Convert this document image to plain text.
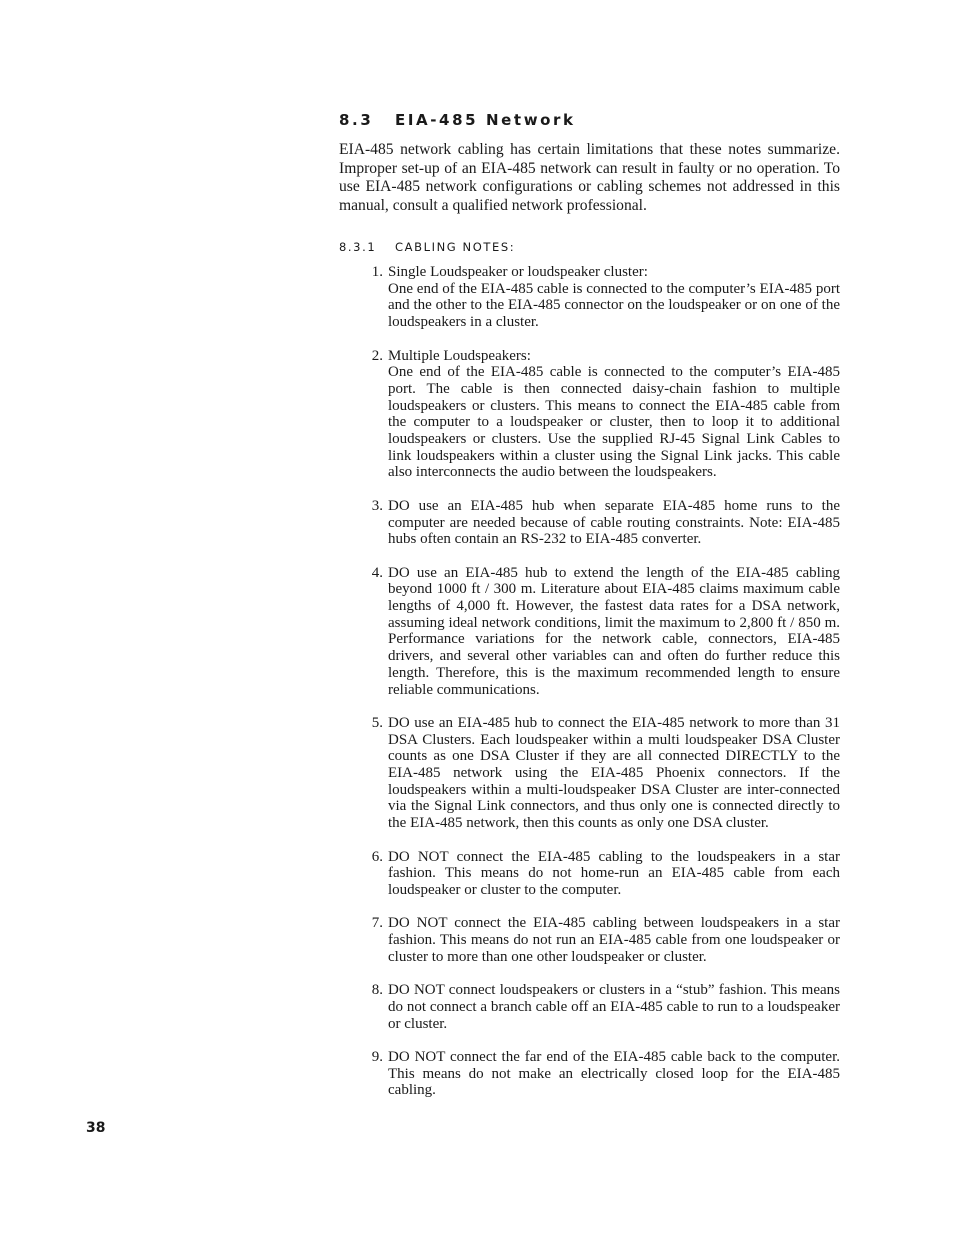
8.3 EIA-485 Network

EIA-485 network cabling has certain limitations that these notes summarize. Improper set-up of an EIA-485 network can result in faulty or no operation. To use EIA-485 network configurations or cabling schemes not addressed in this manual, consult a qualified network professional.

8.3.1 CABLING NOTES:
1. Single Loudspeaker or loudspeaker cluster:
One end of the EIA-485 cable is connected to the computer’s EIA-485 port and the other to the EIA-485 connector on the loudspeaker or on one of the loudspeakers in a cluster.
2. Multiple Loudspeakers:
One end of the EIA-485 cable is connected to the computer’s EIA-485 port. The cable is then connected daisy-chain fashion to multiple loudspeakers or clusters. This means to connect the EIA-485 cable from the computer to a loudspeaker or cluster, then to loop it to additional loudspeakers or clusters. Use the supplied RJ-45 Signal Link Cables to link loudspeakers within a cluster using the Signal Link jacks. This cable also interconnects the audio between the loudspeakers.
3. DO use an EIA-485 hub when separate EIA-485 home runs to the computer are needed because of cable routing constraints. Note: EIA-485 hubs often contain an RS-232 to EIA-485 converter.
4. DO use an EIA-485 hub to extend the length of the EIA-485 cabling beyond 1000 ft / 300 m. Literature about EIA-485 claims maximum cable lengths of 4,000 ft. However, the fastest data rates for a DSA network, assuming ideal network conditions, limit the maximum to 2,800 ft / 850 m. Performance variations for the network cable, connectors, EIA-485 drivers, and several other variables can and often do further reduce this length. Therefore, this is the maximum recommended length to ensure reliable communications.
5. DO use an EIA-485 hub to connect the EIA-485 network to more than 31 DSA Clusters. Each loudspeaker within a multi loudspeaker DSA Cluster counts as one DSA Cluster if they are all connected DIRECTLY to the EIA-485 network using the EIA-485 Phoenix connectors. If the loudspeakers within a multi-loudspeaker DSA Cluster are inter-connected via the Signal Link connectors, and thus only one is connected directly to the EIA-485 network, then this counts as only one DSA cluster.
6. DO NOT connect the EIA-485 cabling to the loudspeakers in a star fashion. This means do not home-run an EIA-485 cable from each loudspeaker or cluster to the computer.
7. DO NOT connect the EIA-485 cabling between loudspeakers in a star fashion. This means do not run an EIA-485 cable from one loudspeaker or cluster to more than one other loudspeaker or cluster.
8. DO NOT connect loudspeakers or clusters in a “stub” fashion. This means do not connect a branch cable off an EIA-485 cable to run to a loudspeaker or cluster.
9. DO NOT connect the far end of the EIA-485 cable back to the computer. This means do not make an electrically closed loop for the EIA-485 cabling.
38
